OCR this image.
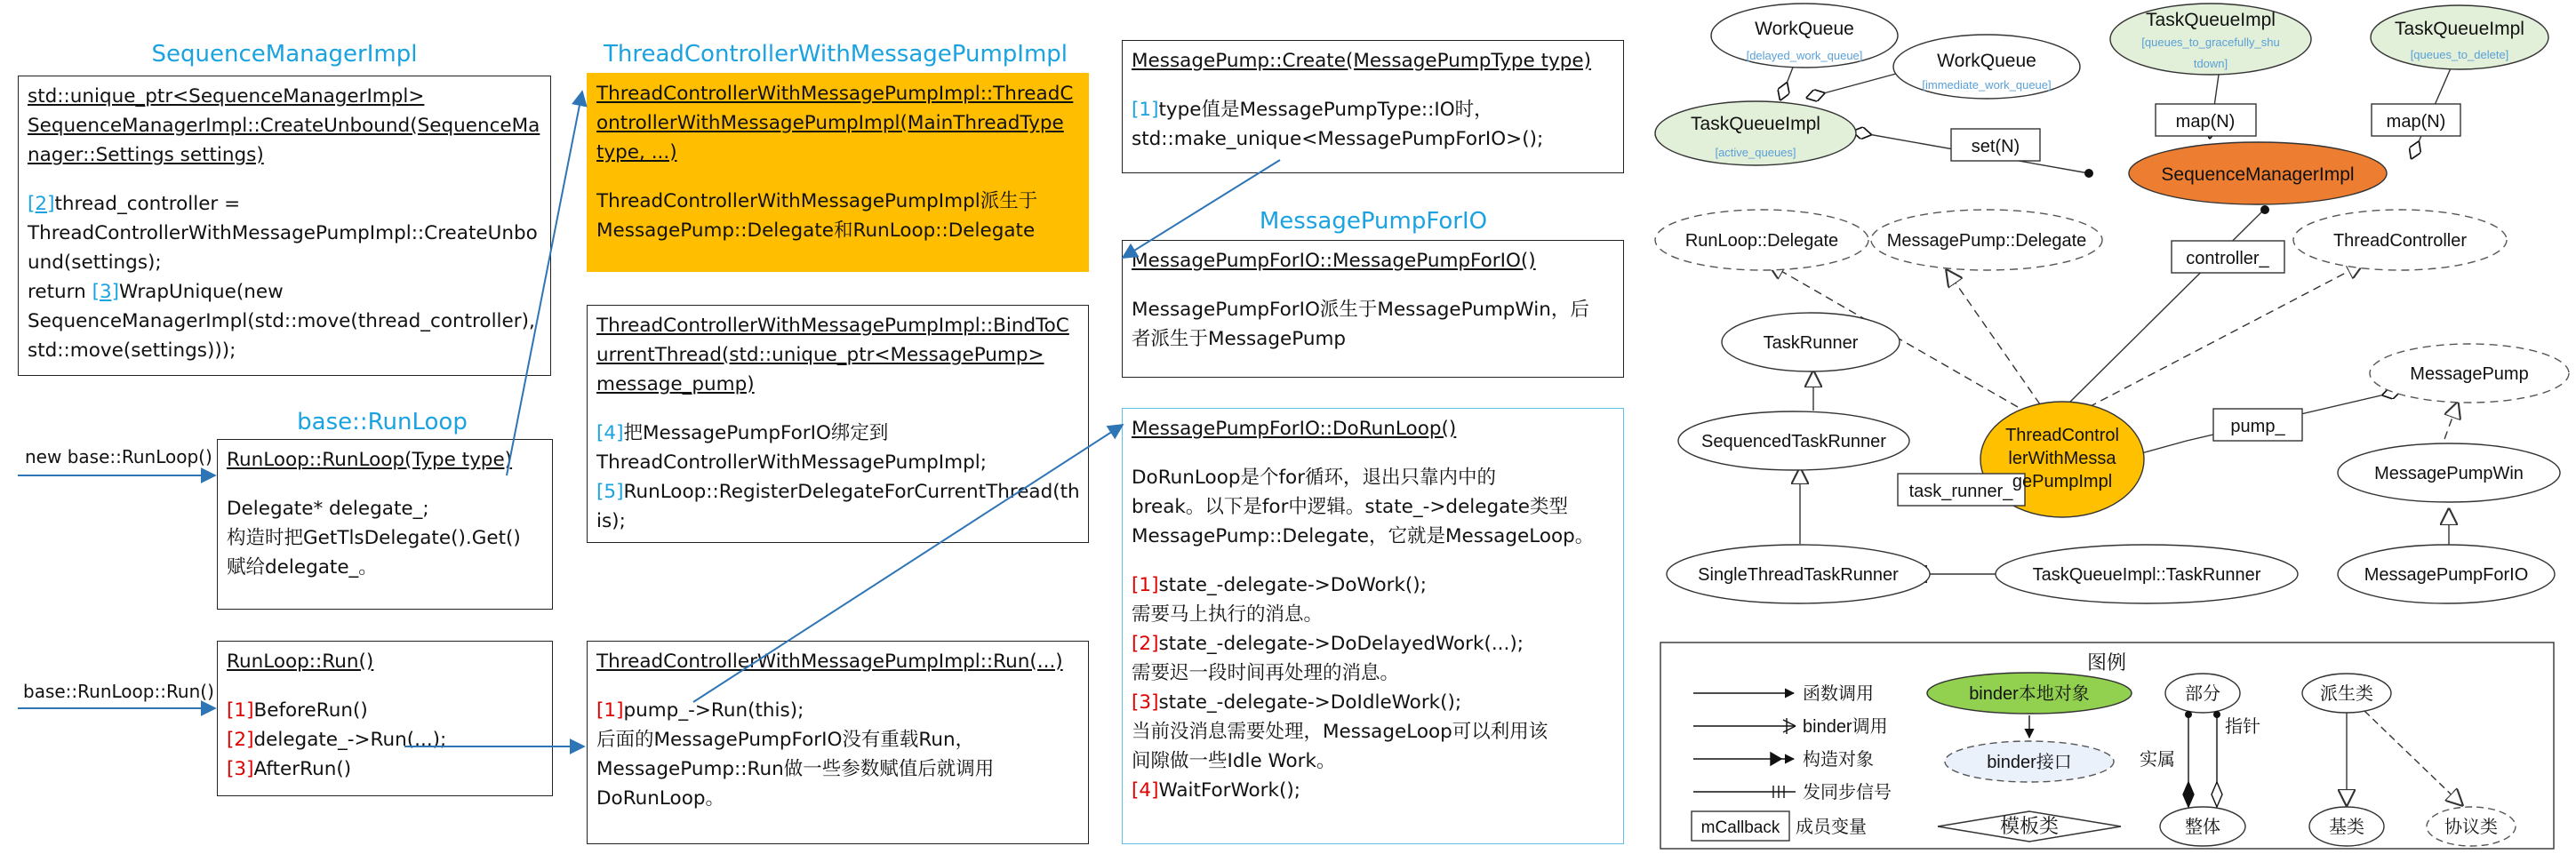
SequenceManagerImpl	ThreadControllerWithMessagePumpImpl
base::RunLoop
MessagePumpForIO
std::unique_ptr<SequenceManagerImpl>
SequenceManagerImpl::CreateUnbound(SequenceMa
nager::Settings settings)
[2]thread_controller =
ThreadControllerWithMessagePumpImpl::CreateUnbo
und(settings);
return [3]WrapUnique(new
SequenceManagerImpl(std::move(thread_controller),
std::move(settings)));
ThreadControllerWithMessagePumpImpl::ThreadC
ontrollerWithMessagePumpImpl(MainThreadType
type, ...)
ThreadControllerWithMessagePumpImpl派生于
MessagePump::Delegate和RunLoop::Delegate
ThreadControllerWithMessagePumpImpl::BindToC
urrentThread(std::unique_ptr<MessagePump>
message_pump)
[4]把MessagePumpForIO绑定到
ThreadControllerWithMessagePumpImpl;
[5]RunLoop::RegisterDelegateForCurrentThread(th
is);
RunLoop::RunLoop(Type type)
Delegate* delegate_;
构造时把GetTlsDelegate().Get()
赋给delegate_。
RunLoop::Run()
[1]BeforeRun()
[2]delegate_->Run(...);
[3]AfterRun()
ThreadControllerWithMessagePumpImpl::Run(...)
[1]pump_->Run(this);
后面的MessagePumpForIO没有重载Run，
MessagePump::Run做一些参数赋值后就调用
DoRunLoop。
MessagePump::Create(MessagePumpType type)
[1]type值是MessagePumpType::IO时，
std::make_unique<MessagePumpForIO>();
MessagePumpForIO::MessagePumpForIO()
MessagePumpForIO派生于MessagePumpWin，后
者派生于MessagePump
MessagePumpForIO::DoRunLoop()
DoRunLoop是个for循环，退出只靠内中的
break。以下是for中逻辑。state_->delegate类型
MessagePump::Delegate，它就是MessageLoop。
[1]state_-delegate->DoWork();
需要马上执行的消息。
[2]state_-delegate->DoDelayedWork(...);
需要迟一段时间再处理的消息。
[3]state_-delegate->DoIdleWork();
当前没消息需要处理，MessageLoop可以利用该
间隙做一些Idle Work。
[4]WaitForWork();
new base::RunLoop()
base::RunLoop::Run()
WorkQueue
[delayed_work_queue]	WorkQueue
[immediate_work_queue]
TaskQueueImpl
[active_queues]
TaskQueueImpl
[queues_to_gracefully_shu
tdown]
TaskQueueImpl
[queues_to_delete]
SequenceManagerImpl
set(N)
map(N)	map(N)
controller_
RunLoop::Delegate	MessagePump::Delegate	ThreadController
TaskRunner
SequencedTaskRunner	ThreadControl
lerWithMessa
gePumpImpl
task_runner_
pump_
MessagePump
MessagePumpWin
SingleThreadTaskRunner	TaskQueueImpl::TaskRunner	MessagePumpForIO
图例
函数调用
binder调用
构造对象
发同步信号
mCallback 成员变量
binder本地对象
binder接口
模板类
部分
整体
指针
实属
派生类
基类	协议类
